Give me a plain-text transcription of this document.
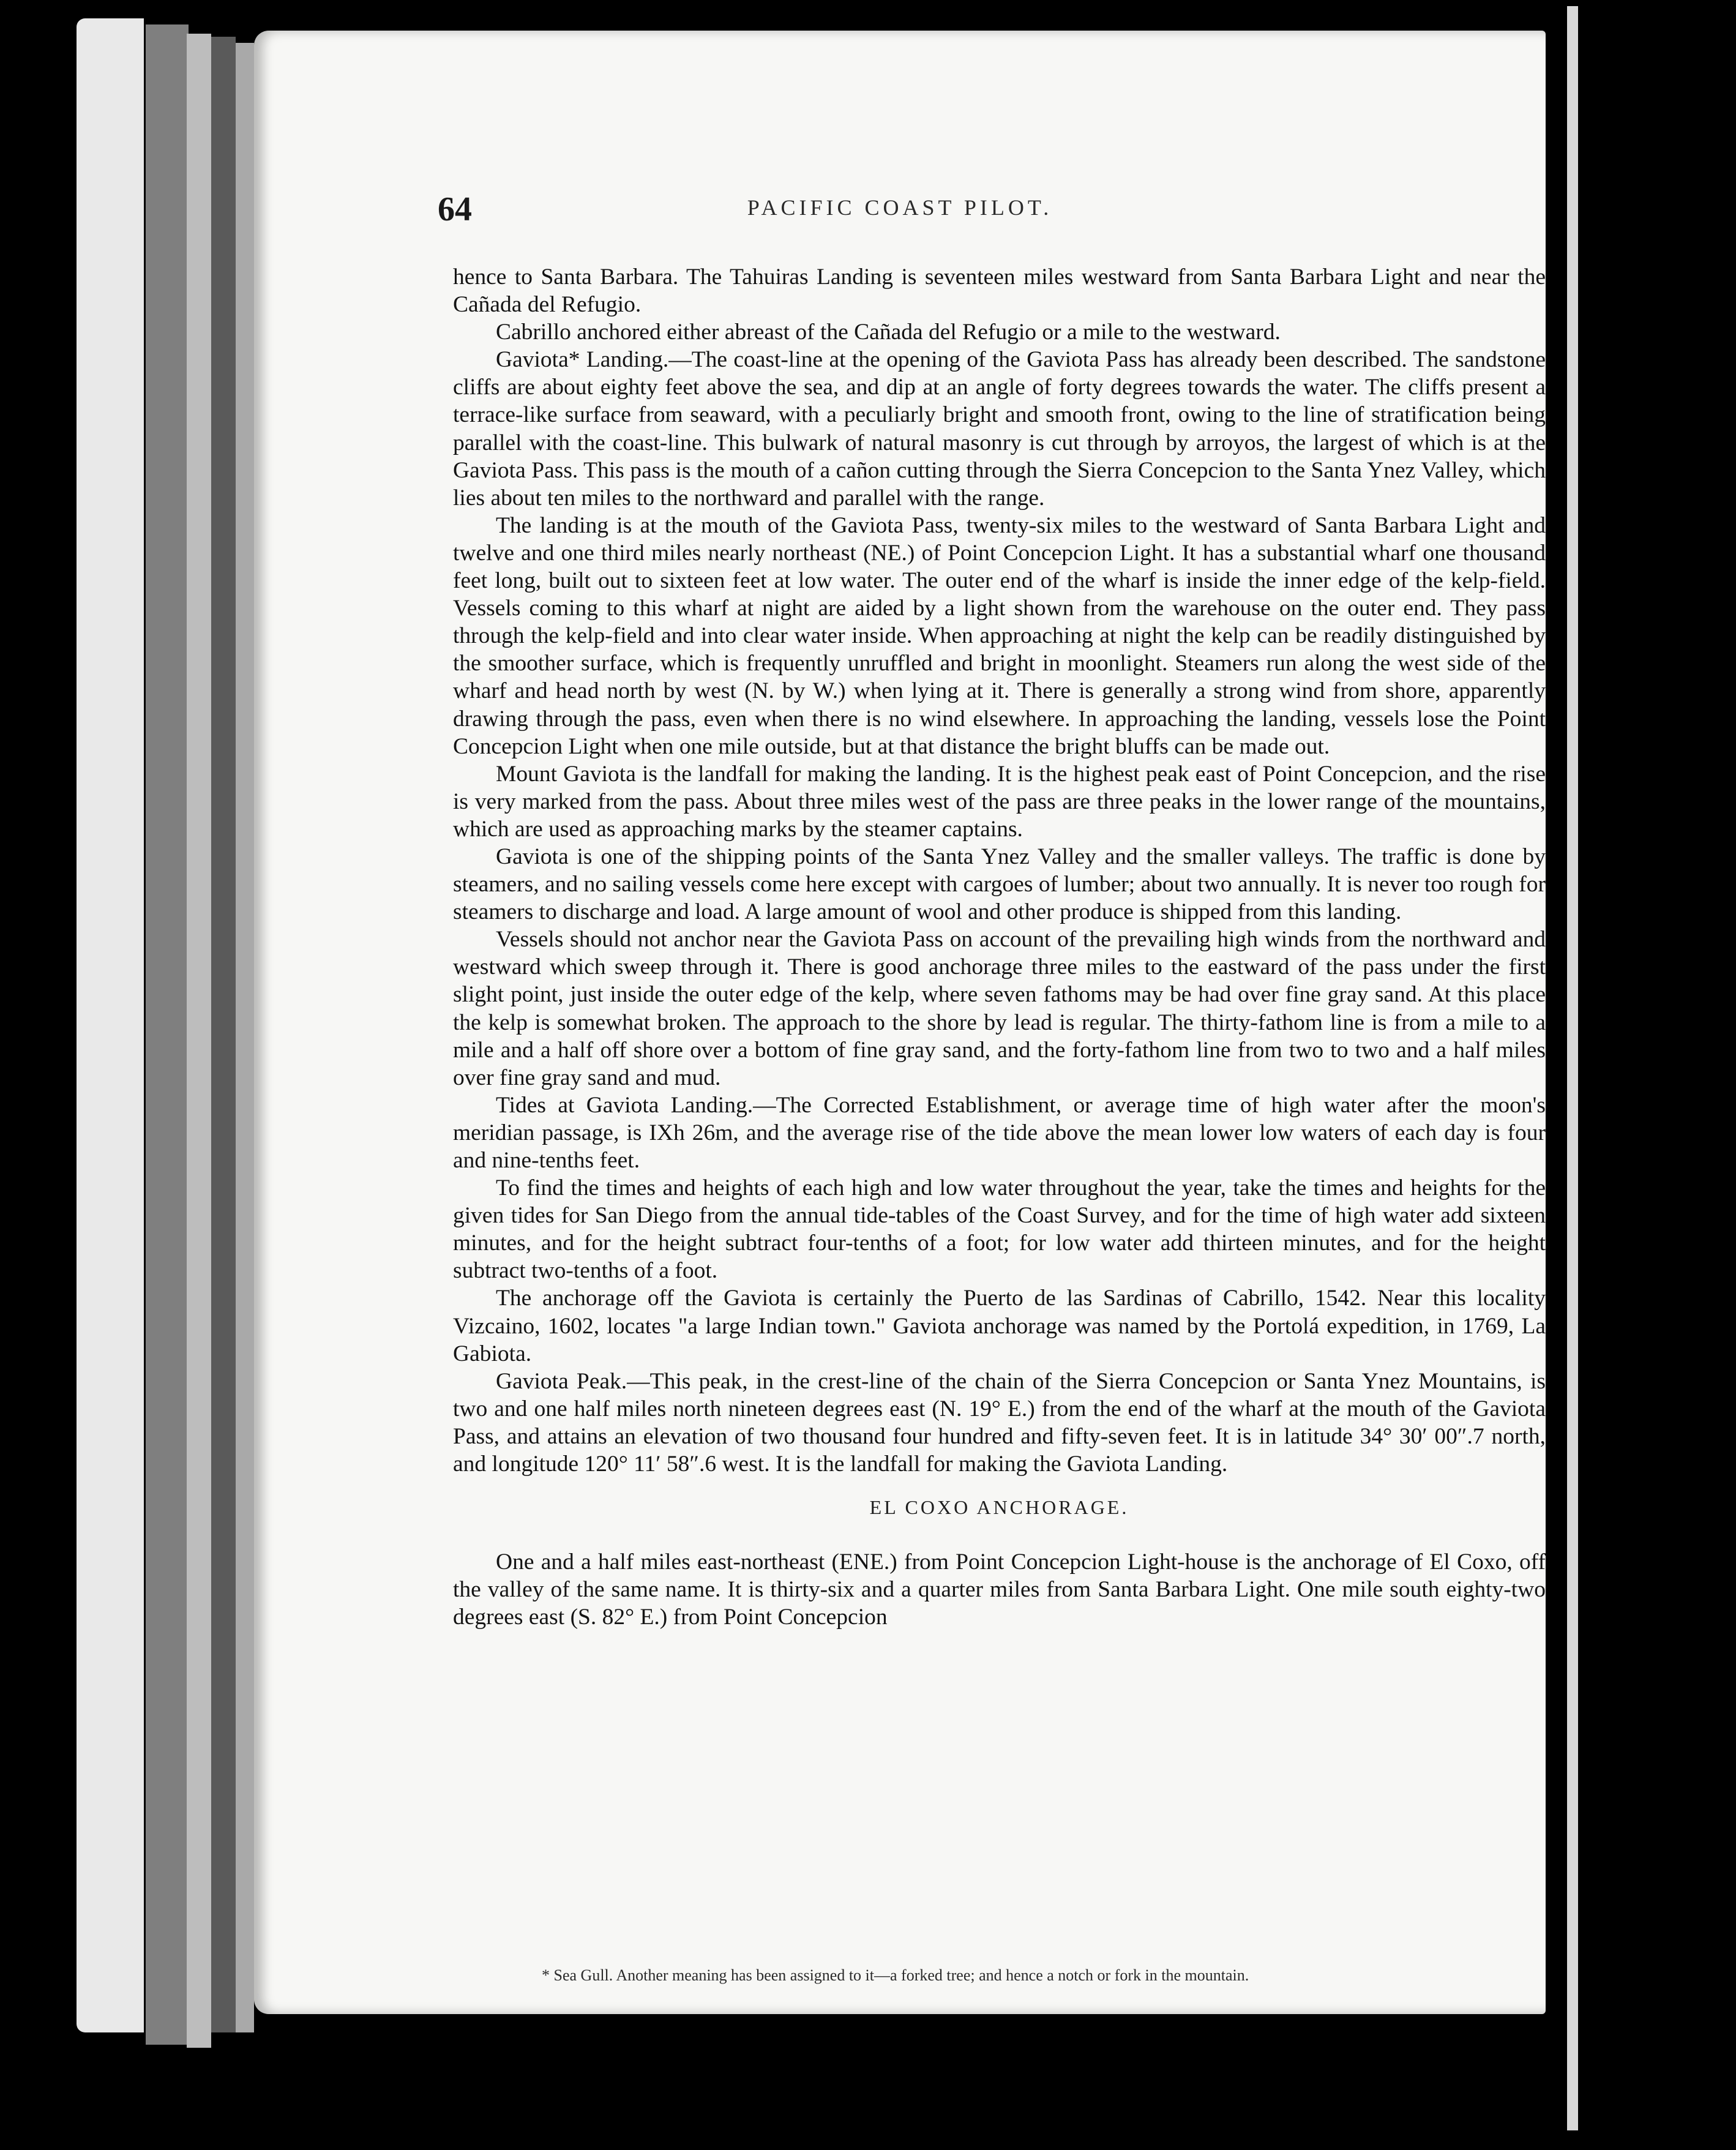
64	PACIFIC COAST PILOT.

hence to Santa Barbara. The Tahuiras Landing is seventeen miles westward from Santa Barbara Light and near the Cañada del Refugio.

Cabrillo anchored either abreast of the Cañada del Refugio or a mile to the westward.

Gaviota* Landing.—The coast-line at the opening of the Gaviota Pass has already been described. The sandstone cliffs are about eighty feet above the sea, and dip at an angle of forty degrees towards the water. The cliffs present a terrace-like surface from seaward, with a peculiarly bright and smooth front, owing to the line of stratification being parallel with the coast-line. This bulwark of natural masonry is cut through by arroyos, the largest of which is at the Gaviota Pass. This pass is the mouth of a cañon cutting through the Sierra Concepcion to the Santa Ynez Valley, which lies about ten miles to the northward and parallel with the range.

The landing is at the mouth of the Gaviota Pass, twenty-six miles to the westward of Santa Barbara Light and twelve and one third miles nearly northeast (NE.) of Point Concepcion Light. It has a substantial wharf one thousand feet long, built out to sixteen feet at low water. The outer end of the wharf is inside the inner edge of the kelp-field. Vessels coming to this wharf at night are aided by a light shown from the warehouse on the outer end. They pass through the kelp-field and into clear water inside. When approaching at night the kelp can be readily distinguished by the smoother surface, which is frequently unruffled and bright in moonlight. Steamers run along the west side of the wharf and head north by west (N. by W.) when lying at it. There is generally a strong wind from shore, apparently drawing through the pass, even when there is no wind elsewhere. In approaching the landing, vessels lose the Point Concepcion Light when one mile outside, but at that distance the bright bluffs can be made out.

Mount Gaviota is the landfall for making the landing. It is the highest peak east of Point Concepcion, and the rise is very marked from the pass. About three miles west of the pass are three peaks in the lower range of the mountains, which are used as approaching marks by the steamer captains.

Gaviota is one of the shipping points of the Santa Ynez Valley and the smaller valleys. The traffic is done by steamers, and no sailing vessels come here except with cargoes of lumber; about two annually. It is never too rough for steamers to discharge and load. A large amount of wool and other produce is shipped from this landing.

Vessels should not anchor near the Gaviota Pass on account of the prevailing high winds from the northward and westward which sweep through it. There is good anchorage three miles to the eastward of the pass under the first slight point, just inside the outer edge of the kelp, where seven fathoms may be had over fine gray sand. At this place the kelp is somewhat broken. The approach to the shore by lead is regular. The thirty-fathom line is from a mile to a mile and a half off shore over a bottom of fine gray sand, and the forty-fathom line from two to two and a half miles over fine gray sand and mud.

Tides at Gaviota Landing.—The Corrected Establishment, or average time of high water after the moon's meridian passage, is IXh 26m, and the average rise of the tide above the mean lower low waters of each day is four and nine-tenths feet.

To find the times and heights of each high and low water throughout the year, take the times and heights for the given tides for San Diego from the annual tide-tables of the Coast Survey, and for the time of high water add sixteen minutes, and for the height subtract four-tenths of a foot; for low water add thirteen minutes, and for the height subtract two-tenths of a foot.

The anchorage off the Gaviota is certainly the Puerto de las Sardinas of Cabrillo, 1542. Near this locality Vizcaino, 1602, locates "a large Indian town." Gaviota anchorage was named by the Portolá expedition, in 1769, La Gabiota.

Gaviota Peak.—This peak, in the crest-line of the chain of the Sierra Concepcion or Santa Ynez Mountains, is two and one half miles north nineteen degrees east (N. 19° E.) from the end of the wharf at the mouth of the Gaviota Pass, and attains an elevation of two thousand four hundred and fifty-seven feet. It is in latitude 34° 30′ 00″.7 north, and longitude 120° 11′ 58″.6 west. It is the landfall for making the Gaviota Landing.

EL COXO ANCHORAGE.

One and a half miles east-northeast (ENE.) from Point Concepcion Light-house is the anchorage of El Coxo, off the valley of the same name. It is thirty-six and a quarter miles from Santa Barbara Light. One mile south eighty-two degrees east (S. 82° E.) from Point Concepcion

* Sea Gull. Another meaning has been assigned to it—a forked tree; and hence a notch or fork in the mountain.
